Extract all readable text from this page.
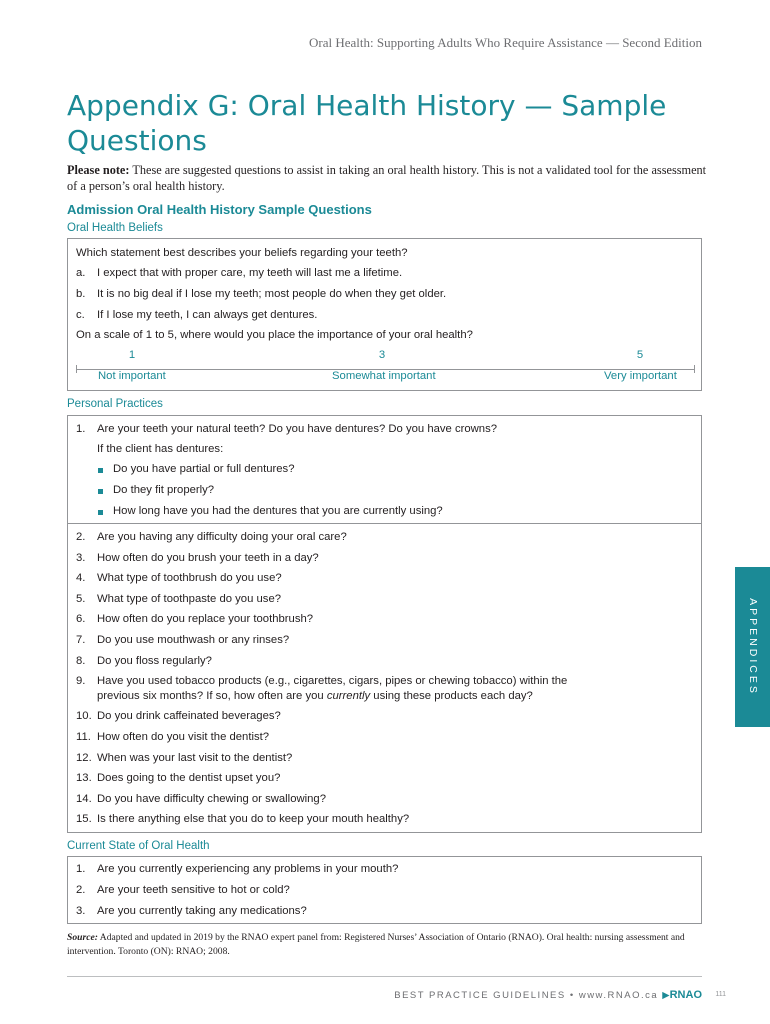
Oral Health: Supporting Adults Who Require Assistance — Second Edition
Appendix G: Oral Health History — Sample Questions
Please note: These are suggested questions to assist in taking an oral health history. This is not a validated tool for the assessment of a person’s oral health history.
Admission Oral Health History Sample Questions
Oral Health Beliefs
Which statement best describes your beliefs regarding your teeth?
a. I expect that with proper care, my teeth will last me a lifetime.
b. It is no big deal if I lose my teeth; most people do when they get older.
c. If I lose my teeth, I can always get dentures.
On a scale of 1 to 5, where would you place the importance of your oral health?
1	3	5
Not important	Somewhat important	Very important
Personal Practices
1. Are your teeth your natural teeth? Do you have dentures? Do you have crowns?
If the client has dentures:
Do you have partial or full dentures?
Do they fit properly?
How long have you had the dentures that you are currently using?
2. Are you having any difficulty doing your oral care?
3. How often do you brush your teeth in a day?
4. What type of toothbrush do you use?
5. What type of toothpaste do you use?
6. How often do you replace your toothbrush?
7. Do you use mouthwash or any rinses?
8. Do you floss regularly?
9. Have you used tobacco products (e.g., cigarettes, cigars, pipes or chewing tobacco) within the
previous six months? If so, how often are you currently using these products each day?
10. Do you drink caffeinated beverages?
11. How often do you visit the dentist?
12. When was your last visit to the dentist?
13. Does going to the dentist upset you?
14. Do you have difficulty chewing or swallowing?
15. Is there anything else that you do to keep your mouth healthy?
Current State of Oral Health
1. Are you currently experiencing any problems in your mouth?
2. Are your teeth sensitive to hot or cold?
3. Are you currently taking any medications?
Source: Adapted and updated in 2019 by the RNAO expert panel from: Registered Nurses’ Association of Ontario (RNAO). Oral health: nursing assessment and intervention. Toronto (ON): RNAO; 2008.
BEST PRACTICE GUIDELINES • www.RNAO.ca ▶RNAO 111
APPENDICES
